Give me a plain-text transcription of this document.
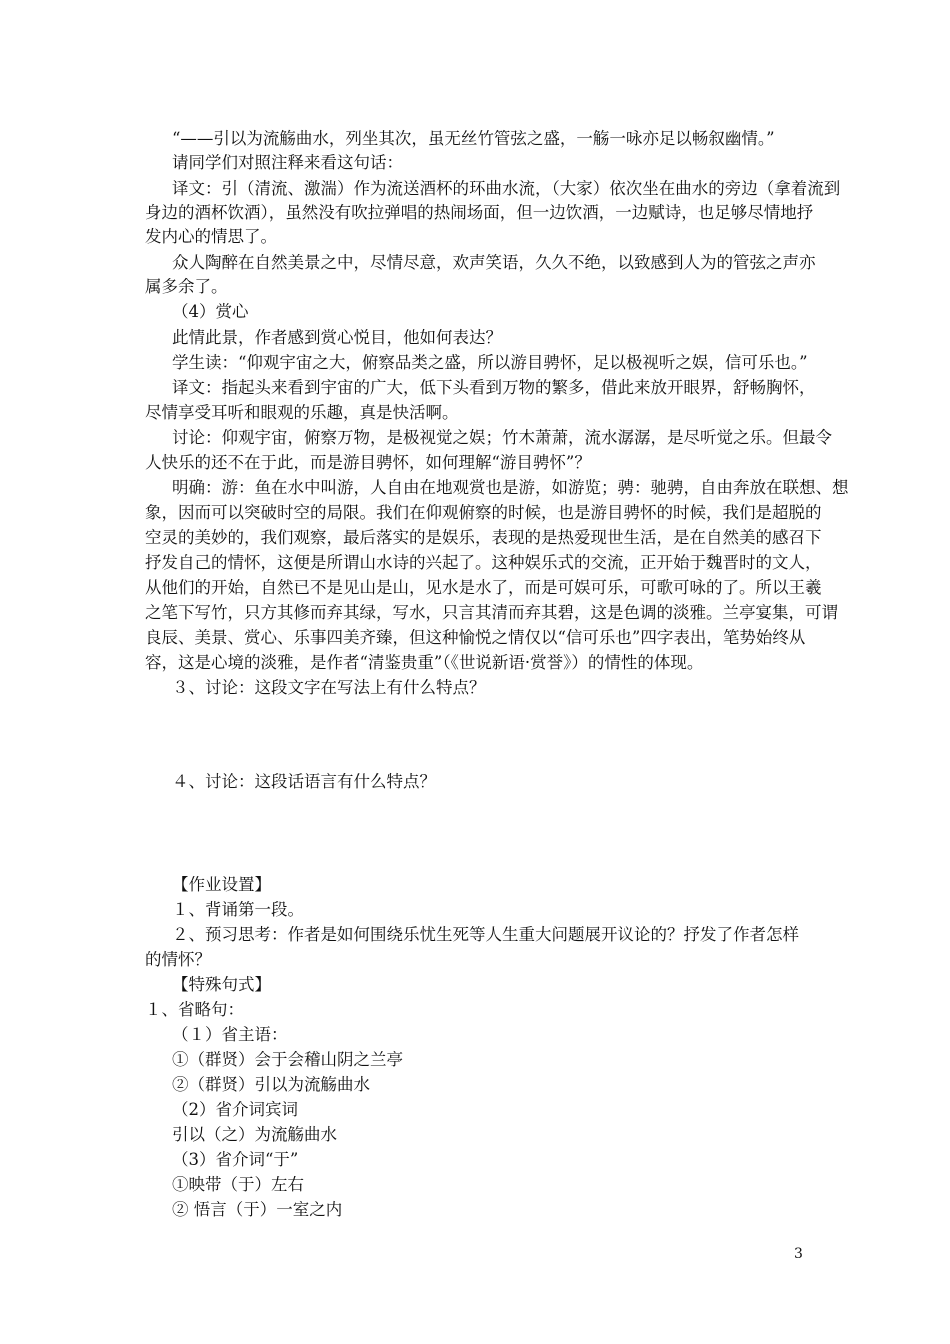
“——引以为流觞曲水，列坐其次，虽无丝竹管弦之盛，一觞一咏亦足以畅叙幽情。”
请同学们对照注释来看这句话：
译文：引（清流、激湍）作为流送酒杯的环曲水流，（大家）依次坐在曲水的旁边（拿着流到
身边的酒杯饮酒），虽然没有吹拉弹唱的热闹场面，但一边饮酒，一边赋诗，也足够尽情地抒
发内心的情思了。
众人陶醉在自然美景之中，尽情尽意，欢声笑语，久久不绝，以致感到人为的管弦之声亦
属多余了。
（4）赏心
此情此景，作者感到赏心悦目，他如何表达？
学生读：“仰观宇宙之大，俯察品类之盛，所以游目骋怀，足以极视听之娱，信可乐也。”
译文：指起头来看到宇宙的广大，低下头看到万物的繁多，借此来放开眼界，舒畅胸怀，
尽情享受耳听和眼观的乐趣，真是快活啊。
讨论：仰观宇宙，俯察万物，是极视觉之娱；竹木萧萧，流水潺潺，是尽听觉之乐。但最令
人快乐的还不在于此，而是游目骋怀，如何理解“游目骋怀”？
明确：游：鱼在水中叫游，人自由在地观赏也是游，如游览；骋：驰骋，自由奔放在联想、想
象，因而可以突破时空的局限。我们在仰观俯察的时候，也是游目骋怀的时候，我们是超脱的
空灵的美妙的，我们观察，最后落实的是娱乐，表现的是热爱现世生活，是在自然美的感召下
抒发自己的情怀，这便是所谓山水诗的兴起了。这种娱乐式的交流，正开始于魏晋时的文人，
从他们的开始，自然已不是见山是山，见水是水了，而是可娱可乐，可歌可咏的了。所以王羲
之笔下写竹，只方其修而弃其绿，写水，只言其清而弃其碧，这是色调的淡雅。兰亭宴集，可谓
良辰、美景、赏心、乐事四美齐臻，但这种愉悦之情仅以“信可乐也”四字表出，笔势始终从
容，这是心境的淡雅，是作者“清鉴贵重”（《世说新语·赏誉》）的情性的体现。
３、讨论：这段文字在写法上有什么特点？
４、讨论：这段话语言有什么特点？
【作业设置】
１、背诵第一段。
２、预习思考：作者是如何围绕乐忧生死等人生重大问题展开议论的？抒发了作者怎样
的情怀？
【特殊句式】
１、省略句：
（１）省主语：
①（群贤）会于会稽山阴之兰亭
②（群贤）引以为流觞曲水
（2）省介词宾词
引以（之）为流觞曲水
（3）省介词“于”
①映带（于）左右
② 悟言（于）一室之内
3
